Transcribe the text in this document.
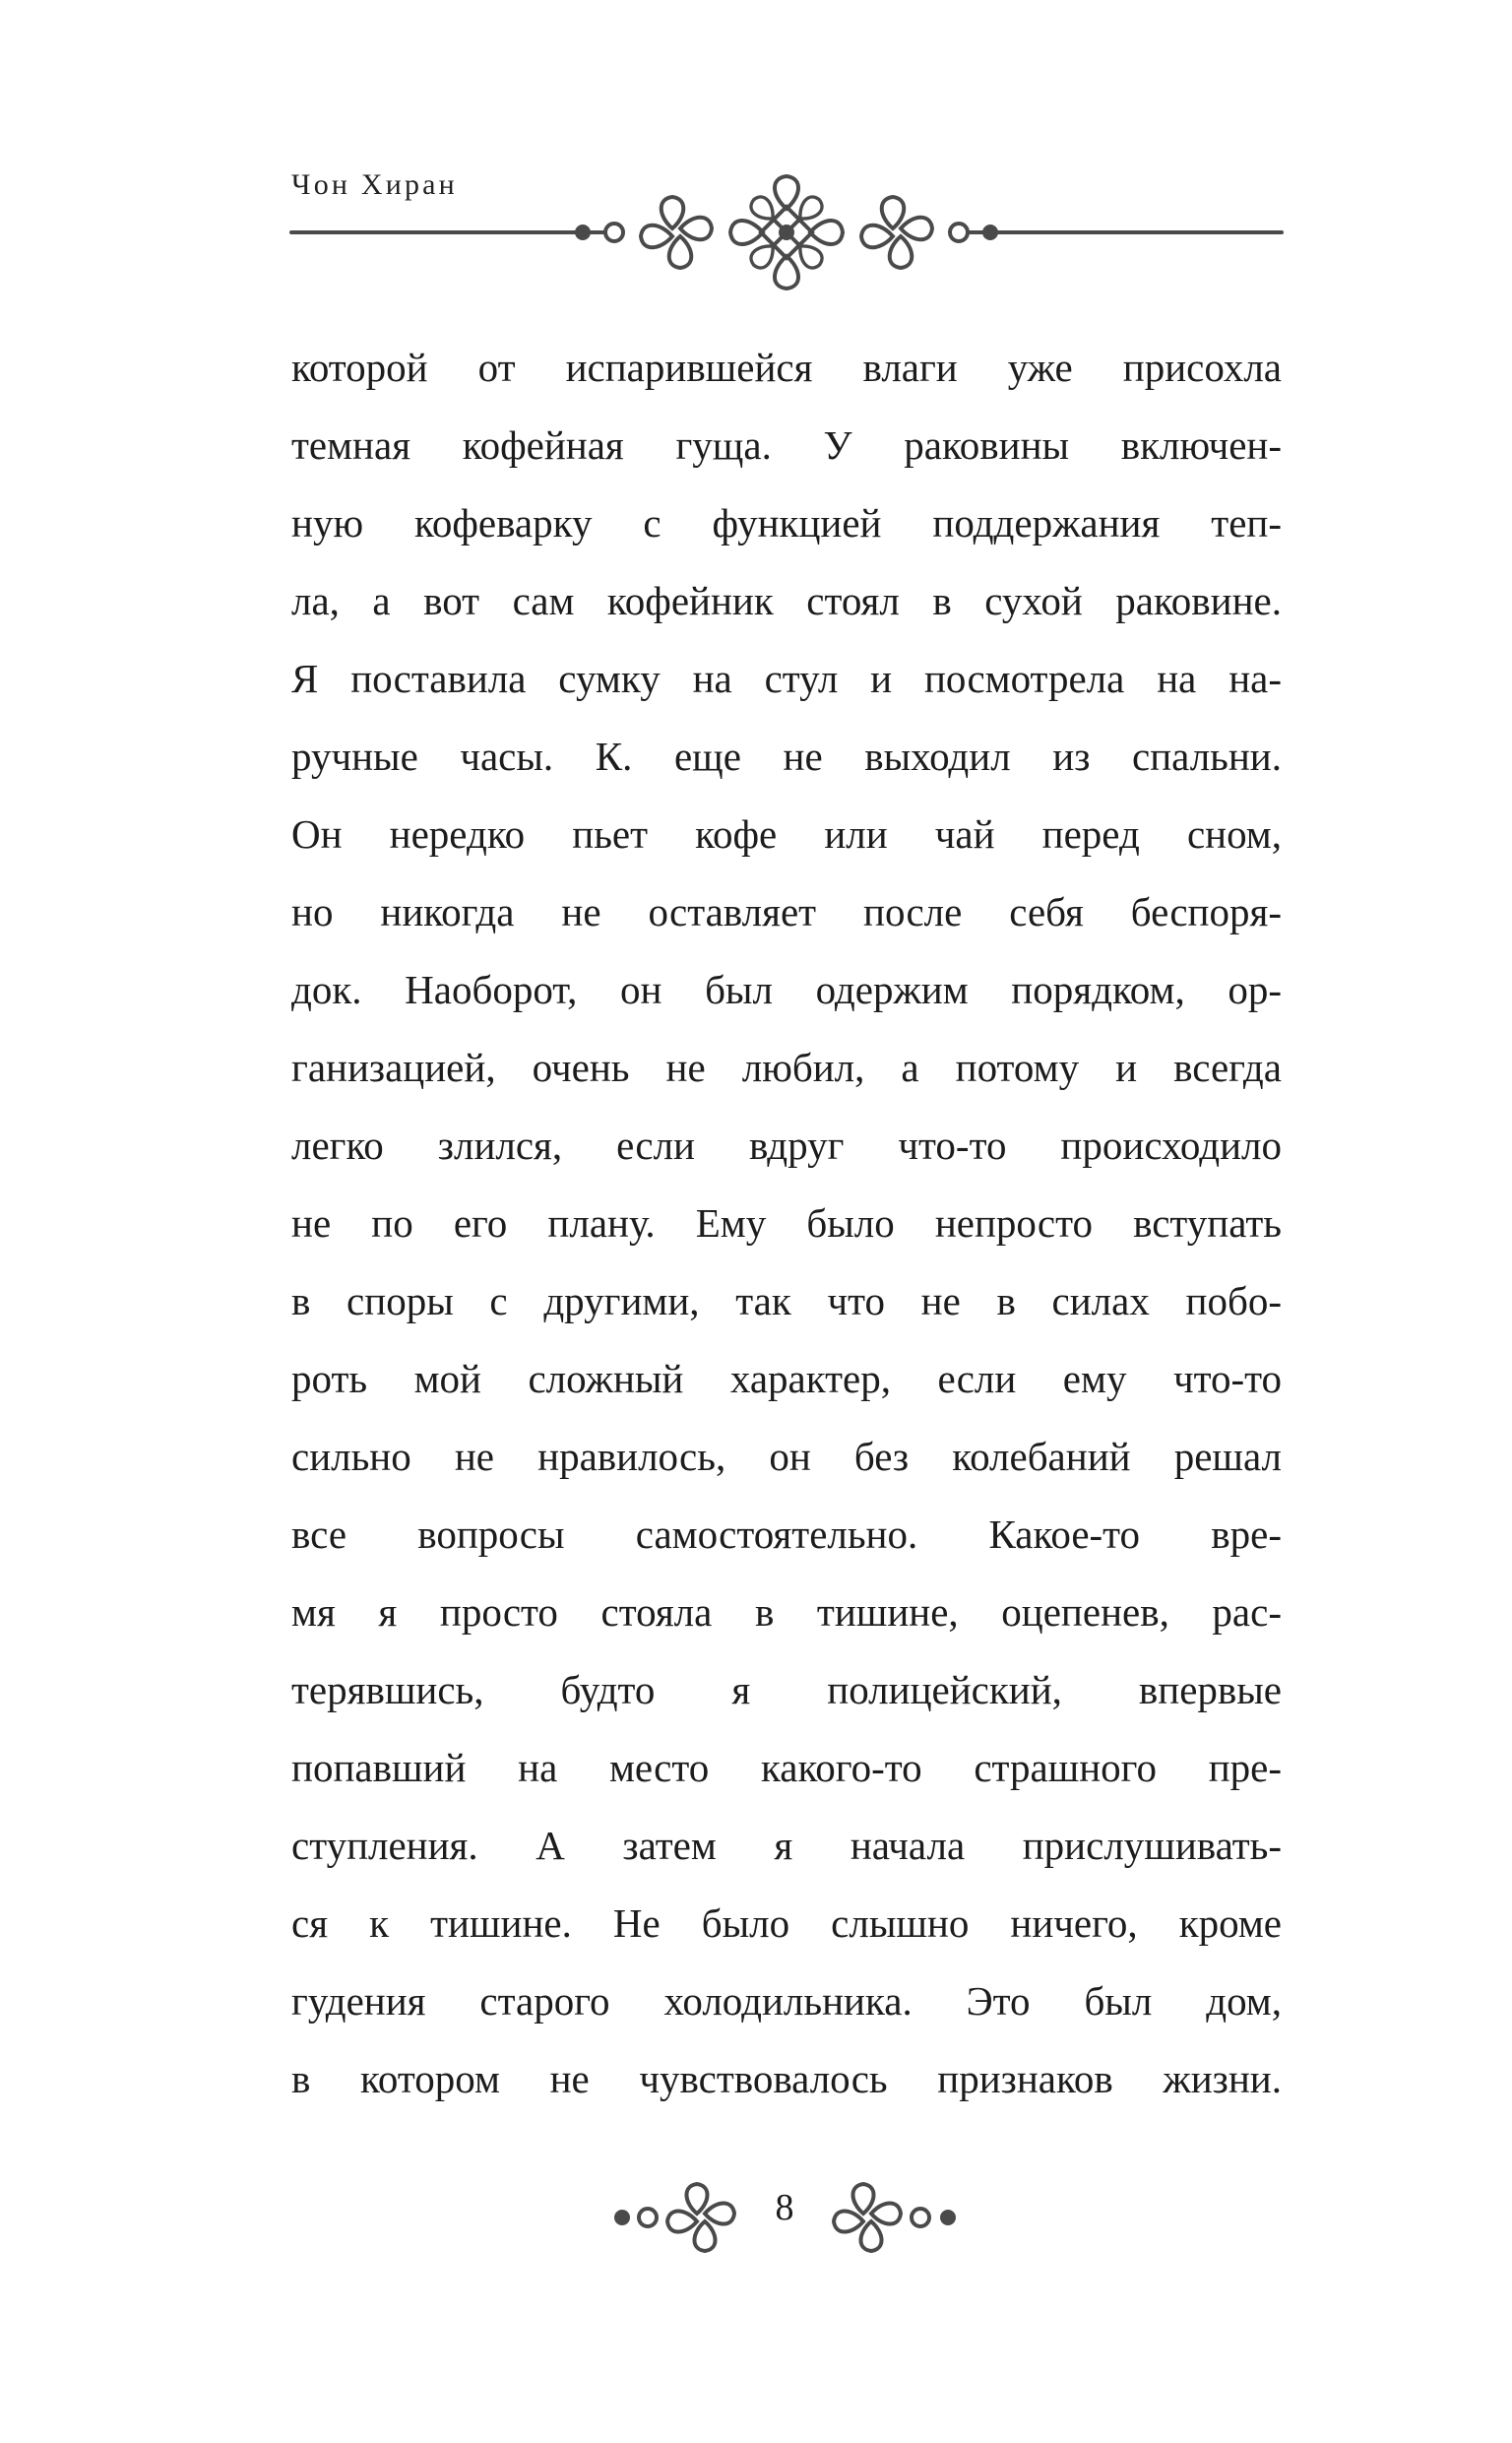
Чон Хиран
которой от испарившейся влаги уже присохла
темная кофейная гуща. У раковины включен-
ную кофеварку с функцией поддержания теп-
ла, а вот сам кофейник стоял в сухой раковине.
Я поставила сумку на стул и посмотрела на на-
ручные часы. К. еще не выходил из спальни.
Он нередко пьет кофе или чай перед сном,
но никогда не оставляет после себя беспоря-
док. Наоборот, он был одержим порядком, ор-
ганизацией, очень не любил, а потому и всегда
легко злился, если вдруг что-то происходило
не по его плану. Ему было непросто вступать
в споры с другими, так что не в силах побо-
роть мой сложный характер, если ему что-то
сильно не нравилось, он без колебаний решал
все вопросы самостоятельно. Какое-то вре-
мя я просто стояла в тишине, оцепенев, рас-
терявшись, будто я полицейский, впервые
попавший на место какого-то страшного пре-
ступления. А затем я начала прислушивать-
ся к тишине. Не было слышно ничего, кроме
гудения старого холодильника. Это был дом,
в котором не чувствовалось признаков жизни.
8
